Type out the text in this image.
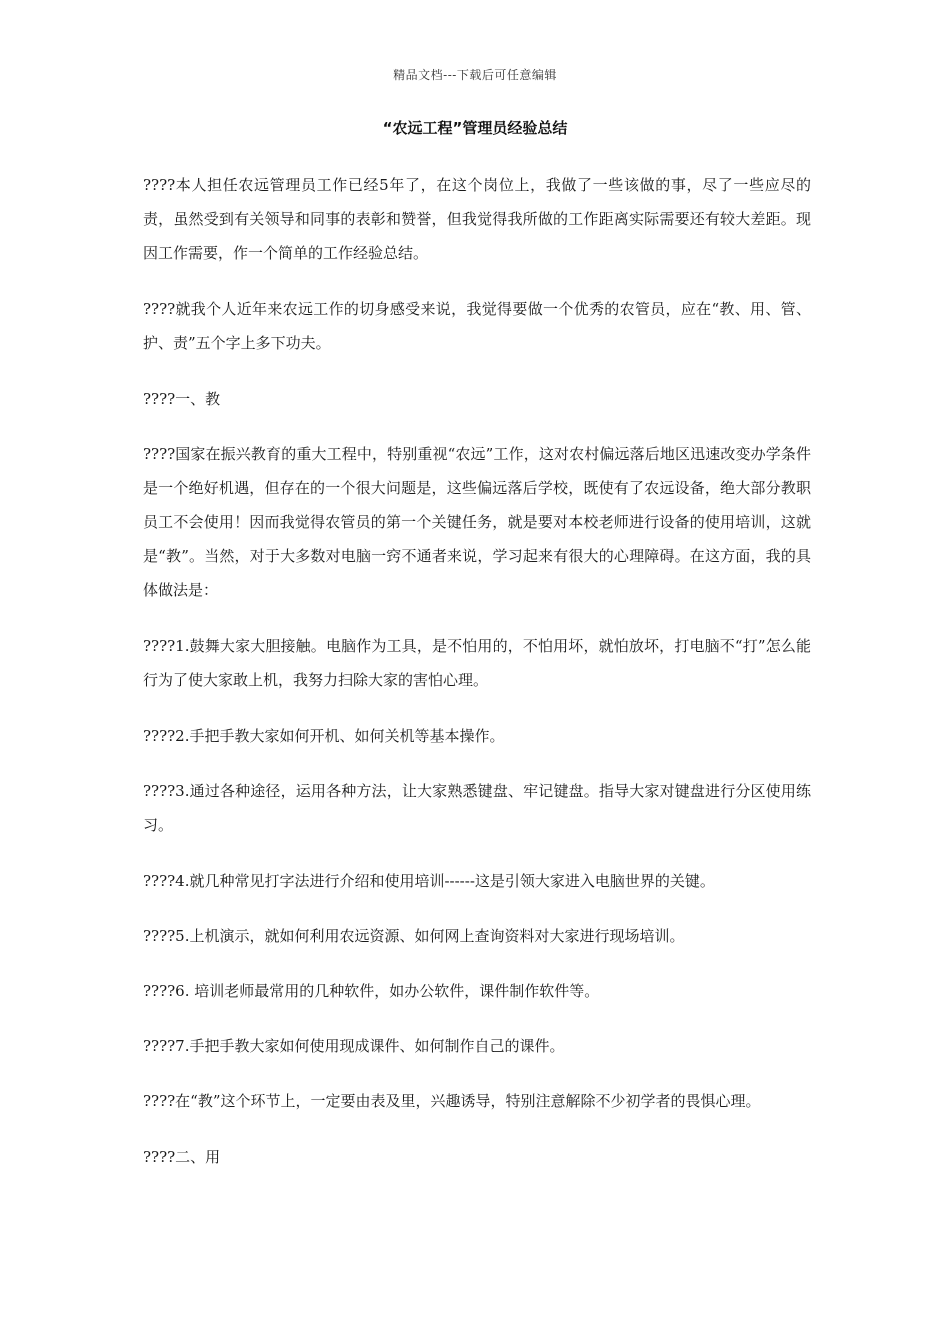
精品文档---下载后可任意编辑
“农远工程”管理员经验总结

????本人担任农远管理员工作已经5年了，在这个岗位上，我做了一些该做的事，尽了一些应尽的责，虽然受到有关领导和同事的表彰和赞誉，但我觉得我所做的工作距离实际需要还有较大差距。现因工作需要，作一个简单的工作经验总结。

????就我个人近年来农远工作的切身感受来说，我觉得要做一个优秀的农管员，应在“教、用、管、护、责”五个字上多下功夫。

????一、教

????国家在振兴教育的重大工程中，特别重视“农远”工作，这对农村偏远落后地区迅速改变办学条件是一个绝好机遇，但存在的一个很大问题是，这些偏远落后学校，既使有了农远设备，绝大部分教职员工不会使用！因而我觉得农管员的第一个关键任务，就是要对本校老师进行设备的使用培训，这就是“教”。当然，对于大多数对电脑一窍不通者来说，学习起来有很大的心理障碍。在这方面，我的具体做法是：

????1.鼓舞大家大胆接触。电脑作为工具，是不怕用的，不怕用坏，就怕放坏，打电脑不“打”怎么能行为了使大家敢上机，我努力扫除大家的害怕心理。

????2.手把手教大家如何开机、如何关机等基本操作。

????3.通过各种途径，运用各种方法，让大家熟悉键盘、牢记键盘。指导大家对键盘进行分区使用练习。

????4.就几种常见打字法进行介绍和使用培训------这是引领大家进入电脑世界的关键。

????5.上机演示，就如何利用农远资源、如何网上查询资料对大家进行现场培训。

????6. 培训老师最常用的几种软件，如办公软件，课件制作软件等。

????7.手把手教大家如何使用现成课件、如何制作自己的课件。

????在“教”这个环节上，一定要由表及里，兴趣诱导，特别注意解除不少初学者的畏惧心理。

????二、用
